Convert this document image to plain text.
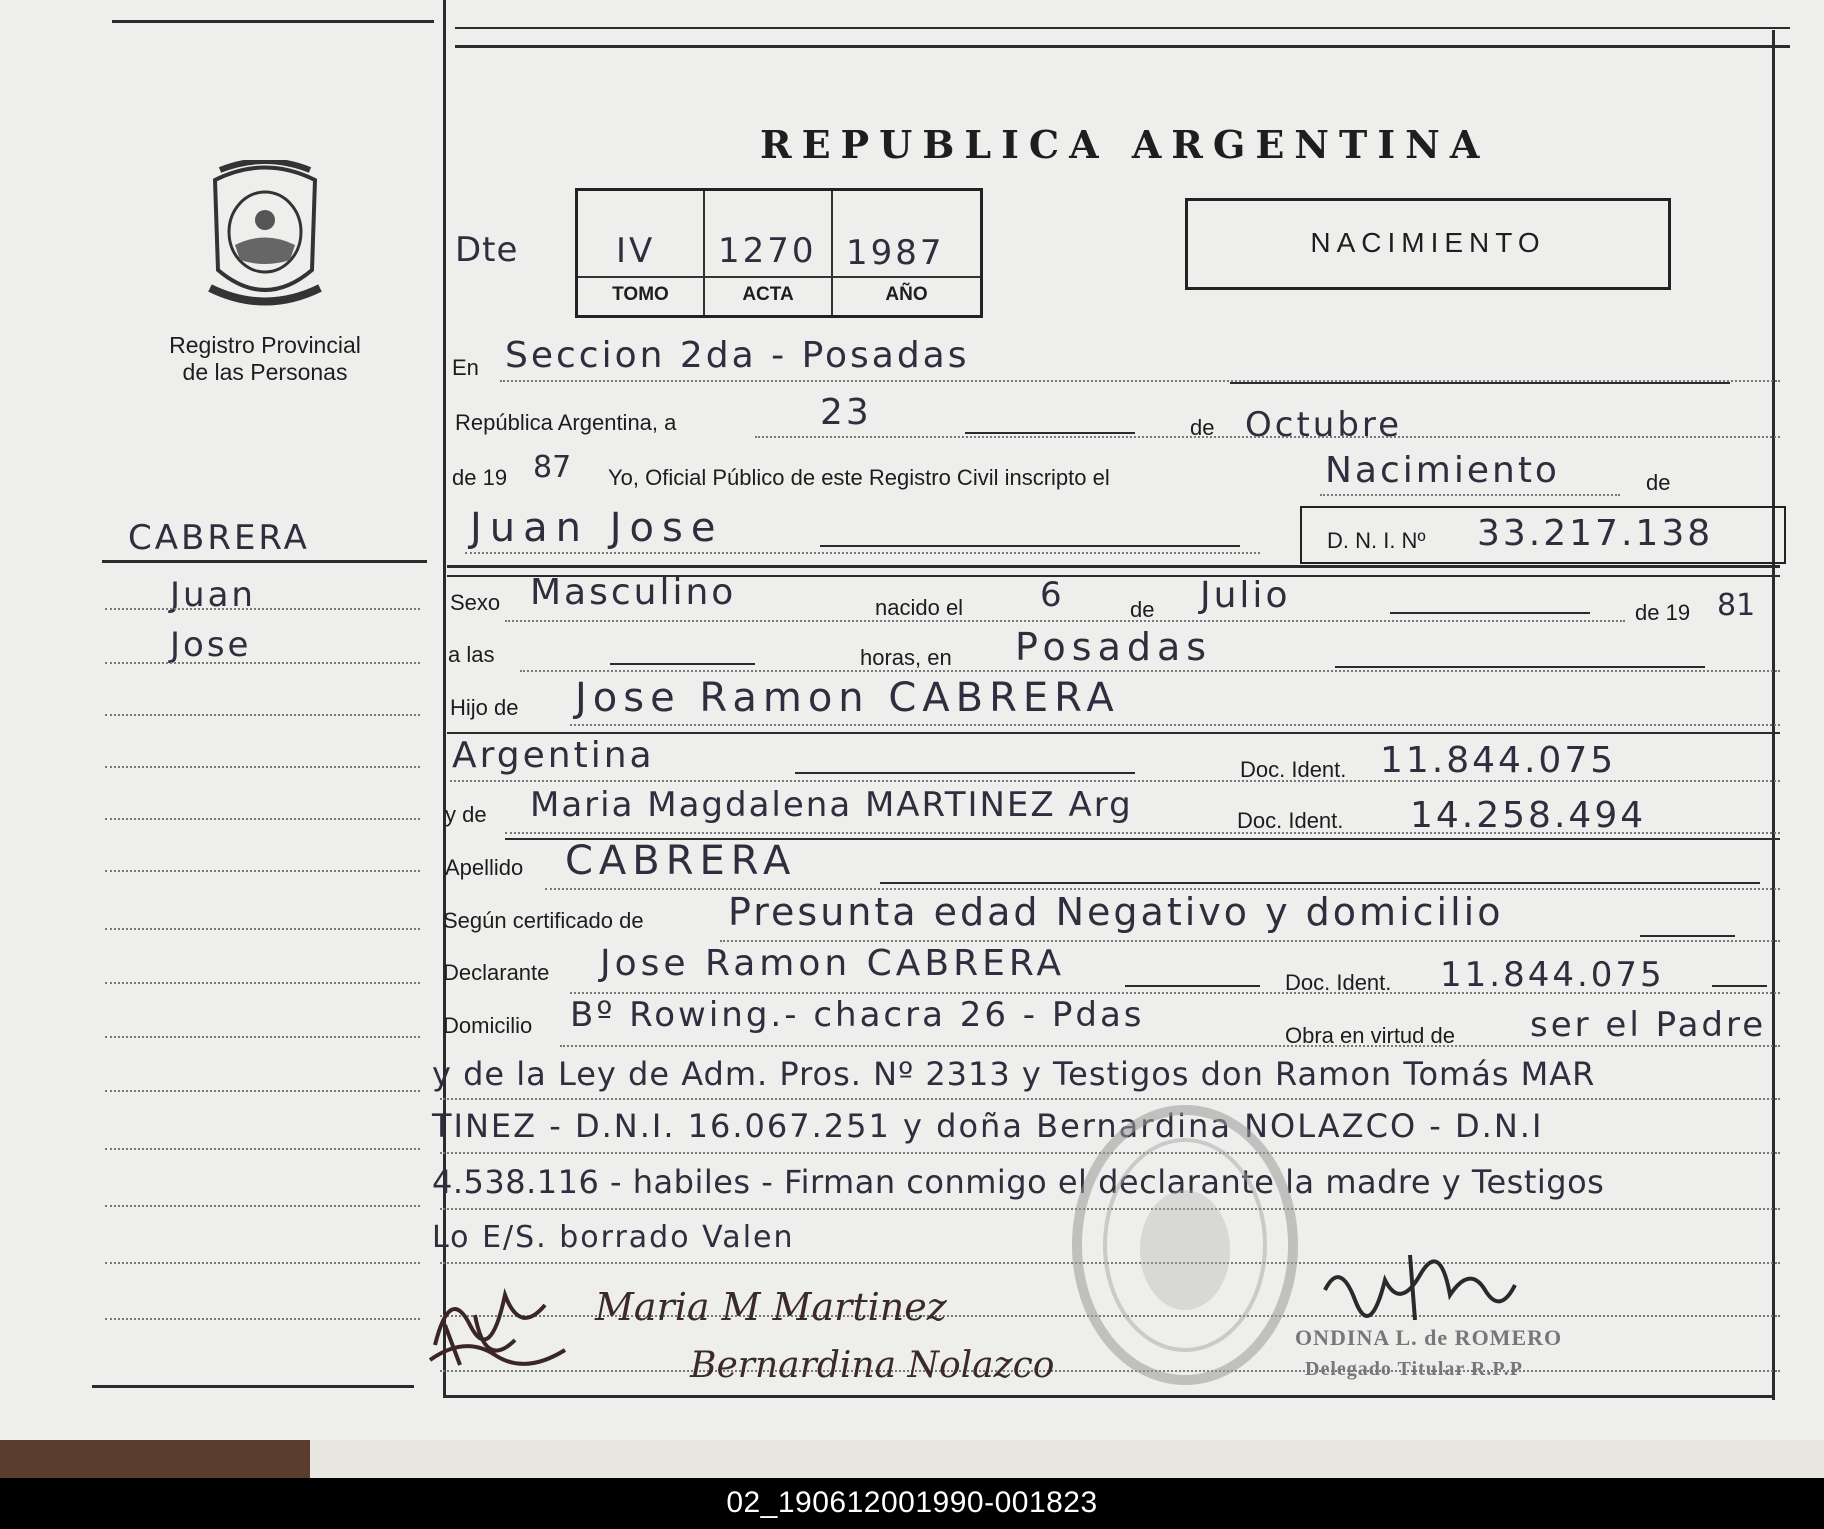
Registro Provincial
de las Personas
CABRERA
Juan
Jose
REPUBLICA ARGENTINA
Dte	IV 1270 1987
TOMO	ACTA	AÑO
NACIMIENTO
En Seccion 2da - Posadas
República Argentina, a	23	de Octubre
de 19 87 Yo, Oficial Público de este Registro Civil inscripto el	Nacimiento	de
Juan Jose	D. N. I. Nº 33.217.138
Sexo Masculino	nacido el 6	de Julio	de 19 81
a las	horas, en Posadas
Hijo de Jose Ramon CABRERA
Argentina	Doc. Ident. 11.844.075
y de Maria Magdalena MARTINEZ Arg	Doc. Ident. 14.258.494
Apellido CABRERA
Según certificado de Presunta edad Negativo y domicilio
Declarante Jose Ramon CABRERA	Doc. Ident. 11.844.075
Domicilio Bº Rowing.- chacra 26 - Pdas
Obra en virtud de ser el Padre
y de la Ley de Adm. Pros. Nº 2313 y Testigos don Ramon Tomás MAR
TINEZ - D.N.I. 16.067.251 y doña Bernardina NOLAZCO - D.N.I
4.538.116 - habiles - Firman conmigo el declarante la madre y Testigos
Lo E/S. borrado Valen
Maria M Martinez
Bernardina Nolazco
ONDINA L. de ROMERO
Delegado Titular R.P.P
02_190612001990-001823
